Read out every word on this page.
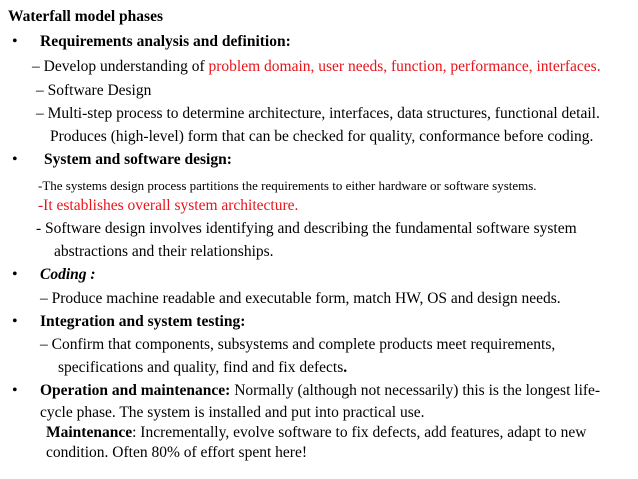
Waterfall model phases
• Requirements analysis and definition:
– Develop understanding of problem domain, user needs, function, performance, interfaces.
– Software Design
– Multi-step process to determine architecture, interfaces, data structures, functional detail.
Produces (high-level) form that can be checked for quality, conformance before coding.
• System and software design:
-The systems design process partitions the requirements to either hardware or software systems.
-It establishes overall system architecture.
- Software design involves identifying and describing the fundamental software system
abstractions and their relationships.
• Coding :
– Produce machine readable and executable form, match HW, OS and design needs.
• Integration and system testing:
– Confirm that components, subsystems and complete products meet requirements,
specifications and quality, find and fix defects.
• Operation and maintenance: Normally (although not necessarily) this is the longest life-
cycle phase. The system is installed and put into practical use.
Maintenance: Incrementally, evolve software to fix defects, add features, adapt to new
condition. Often 80% of effort spent here!
